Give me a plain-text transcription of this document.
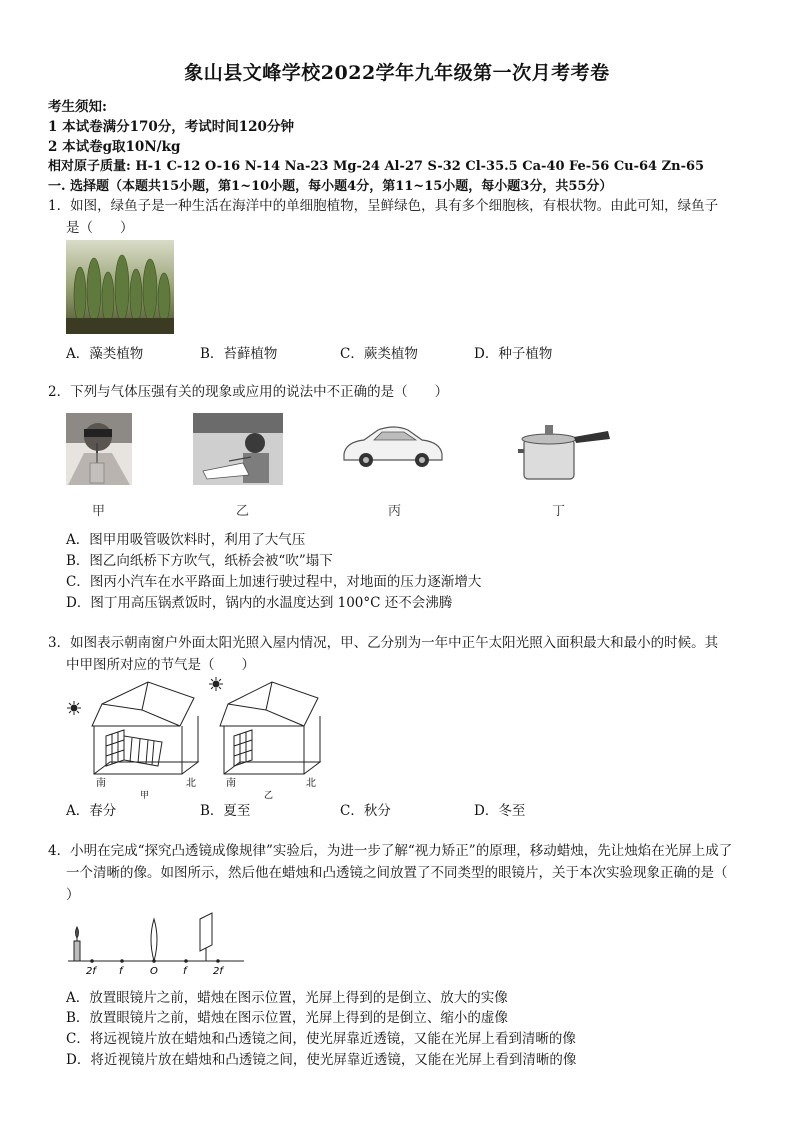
象山县文峰学校2022学年九年级第一次月考考卷
考生须知:
1 本试卷满分170分，考试时间120分钟
2 本试卷g取10N/kg
相对原子质量: H-1 C-12 O-16 N-14 Na-23 Mg-24 Al-27 S-32 Cl-35.5 Ca-40 Fe-56 Cu-64 Zn-65
一. 选择题（本题共15小题，第1~10小题，每小题4分，第11~15小题，每小题3分，共55分）
1．如图，绿鱼子是一种生活在海洋中的单细胞植物，呈鲜绿色，具有多个细胞核，有根状物。由此可知，绿鱼子
是（　　）
A．藻类植物	B．苔藓植物	C．蕨类植物	D．种子植物
2．下列与气体压强有关的现象或应用的说法中不正确的是（　　）
甲	乙	丙	丁
A．图甲用吸管吸饮料时，利用了大气压
B．图乙向纸桥下方吹气，纸桥会被“吹”塌下
C．图丙小汽车在水平路面上加速行驶过程中，对地面的压力逐渐增大
D．图丁用高压锅煮饭时，锅内的水温度达到 100°C 还不会沸腾
3．如图表示朝南窗户外面太阳光照入屋内情况，甲、乙分别为一年中正午太阳光照入面积最大和最小的时候。其
中甲图所对应的节气是（　　）
南	北
甲
南	北
乙
A．春分	B．夏至	C．秋分	D．冬至
4．小明在完成“探究凸透镜成像规律”实验后，为进一步了解“视力矫正”的原理，移动蜡烛，先让烛焰在光屏上成了
一个清晰的像。如图所示，然后他在蜡烛和凸透镜之间放置了不同类型的眼镜片，关于本次实验现象正确的是（
）
2f f	O	f	2f
A．放置眼镜片之前，蜡烛在图示位置，光屏上得到的是倒立、放大的实像
B．放置眼镜片之前，蜡烛在图示位置，光屏上得到的是倒立、缩小的虚像
C．将远视镜片放在蜡烛和凸透镜之间，使光屏靠近透镜，又能在光屏上看到清晰的像
D．将近视镜片放在蜡烛和凸透镜之间，使光屏靠近透镜，又能在光屏上看到清晰的像
